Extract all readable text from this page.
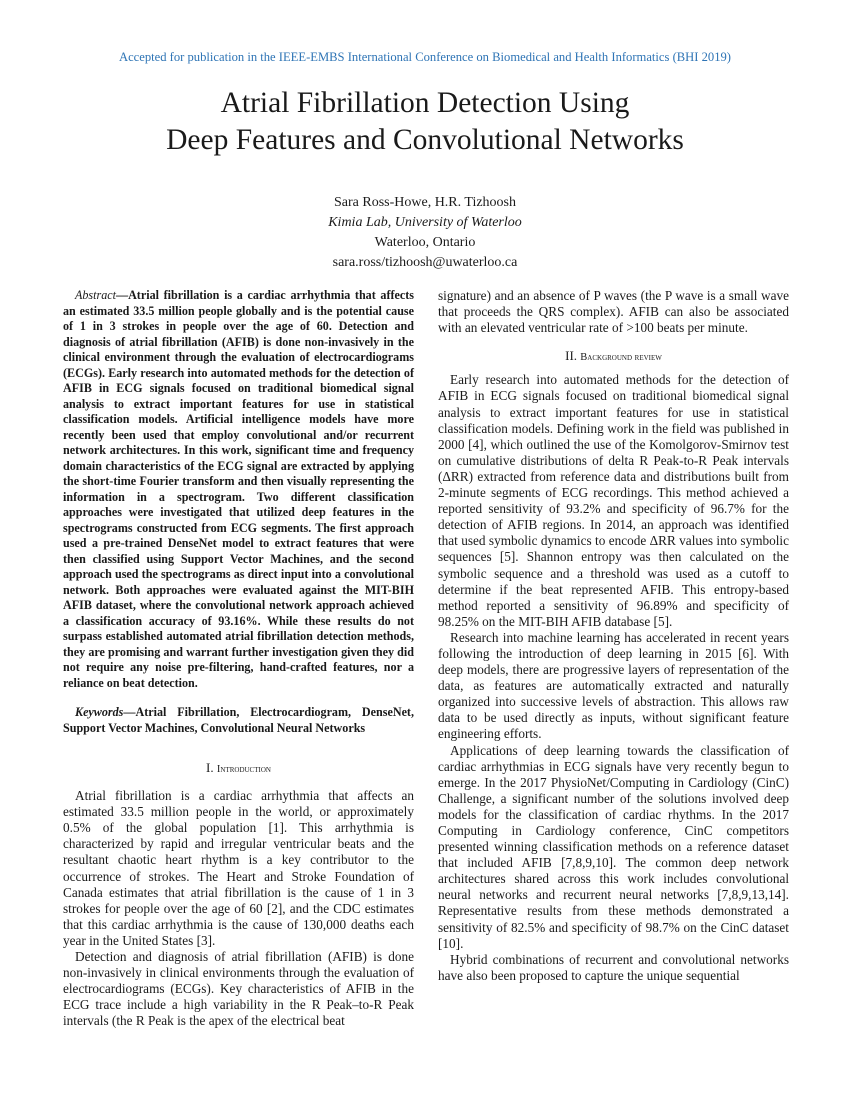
Accepted for publication in the IEEE-EMBS International Conference on Biomedical and Health Informatics (BHI 2019)
Atrial Fibrillation Detection Using
Deep Features and Convolutional Networks
Sara Ross-Howe, H.R. Tizhoosh
Kimia Lab, University of Waterloo
Waterloo, Ontario
sara.ross/tizhoosh@uwaterloo.ca

Abstract—Atrial fibrillation is a cardiac arrhythmia that affects an estimated 33.5 million people globally and is the potential cause of 1 in 3 strokes in people over the age of 60. Detection and diagnosis of atrial fibrillation (AFIB) is done non-invasively in the clinical environment through the evaluation of electrocardiograms (ECGs). Early research into automated methods for the detection of AFIB in ECG signals focused on traditional biomedical signal analysis to extract important features for use in statistical classification models. Artificial intelligence models have more recently been used that employ convolutional and/or recurrent network architectures. In this work, significant time and frequency domain characteristics of the ECG signal are extracted by applying the short-time Fourier transform and then visually representing the information in a spectrogram. Two different classification approaches were investigated that utilized deep features in the spectrograms constructed from ECG segments. The first approach used a pre-trained DenseNet model to extract features that were then classified using Support Vector Machines, and the second approach used the spectrograms as direct input into a convolutional network. Both approaches were evaluated against the MIT-BIH AFIB dataset, where the convolutional network approach achieved a classification accuracy of 93.16%. While these results do not surpass established automated atrial fibrillation detection methods, they are promising and warrant further investigation given they did not require any noise pre-filtering, hand-crafted features, nor a reliance on beat detection.

Keywords—Atrial Fibrillation, Electrocardiogram, DenseNet, Support Vector Machines, Convolutional Neural Networks

I. Introduction

Atrial fibrillation is a cardiac arrhythmia that affects an estimated 33.5 million people in the world, or approximately 0.5% of the global population [1]. This arrhythmia is characterized by rapid and irregular ventricular beats and the resultant chaotic heart rhythm is a key contributor to the occurrence of strokes. The Heart and Stroke Foundation of Canada estimates that atrial fibrillation is the cause of 1 in 3 strokes for people over the age of 60 [2], and the CDC estimates that this cardiac arrhythmia is the cause of 130,000 deaths each year in the United States [3].

Detection and diagnosis of atrial fibrillation (AFIB) is done non-invasively in clinical environments through the evaluation of electrocardiograms (ECGs). Key characteristics of AFIB in the ECG trace include a high variability in the R Peak–to-R Peak intervals (the R Peak is the apex of the electrical beat

signature) and an absence of P waves (the P wave is a small wave that proceeds the QRS complex). AFIB can also be associated with an elevated ventricular rate of >100 beats per minute.

II. Background review

Early research into automated methods for the detection of AFIB in ECG signals focused on traditional biomedical signal analysis to extract important features for use in statistical classification models. Defining work in the field was published in 2000 [4], which outlined the use of the Komolgorov-Smirnov test on cumulative distributions of delta R Peak-to-R Peak intervals (ΔRR) extracted from reference data and distributions built from 2-minute segments of ECG recordings. This method achieved a reported sensitivity of 93.2% and specificity of 96.7% for the detection of AFIB regions. In 2014, an approach was identified that used symbolic dynamics to encode ΔRR values into symbolic sequences [5]. Shannon entropy was then calculated on the symbolic sequence and a threshold was used as a cutoff to determine if the beat represented AFIB. This entropy-based method reported a sensitivity of 96.89% and specificity of 98.25% on the MIT-BIH AFIB database [5].

Research into machine learning has accelerated in recent years following the introduction of deep learning in 2015 [6]. With deep models, there are progressive layers of representation of the data, as features are automatically extracted and naturally organized into successive levels of abstraction. This allows raw data to be used directly as inputs, without significant feature engineering efforts.

Applications of deep learning towards the classification of cardiac arrhythmias in ECG signals have very recently begun to emerge. In the 2017 PhysioNet/Computing in Cardiology (CinC) Challenge, a significant number of the solutions involved deep models for the classification of cardiac rhythms. In the 2017 Computing in Cardiology conference, CinC competitors presented winning classification methods on a reference dataset that included AFIB [7,8,9,10]. The common deep network architectures shared across this work includes convolutional neural networks and recurrent neural networks [7,8,9,13,14]. Representative results from these methods demonstrated a sensitivity of 82.5% and specificity of 98.7% on the CinC dataset [10].

Hybrid combinations of recurrent and convolutional networks have also been proposed to capture the unique sequential
